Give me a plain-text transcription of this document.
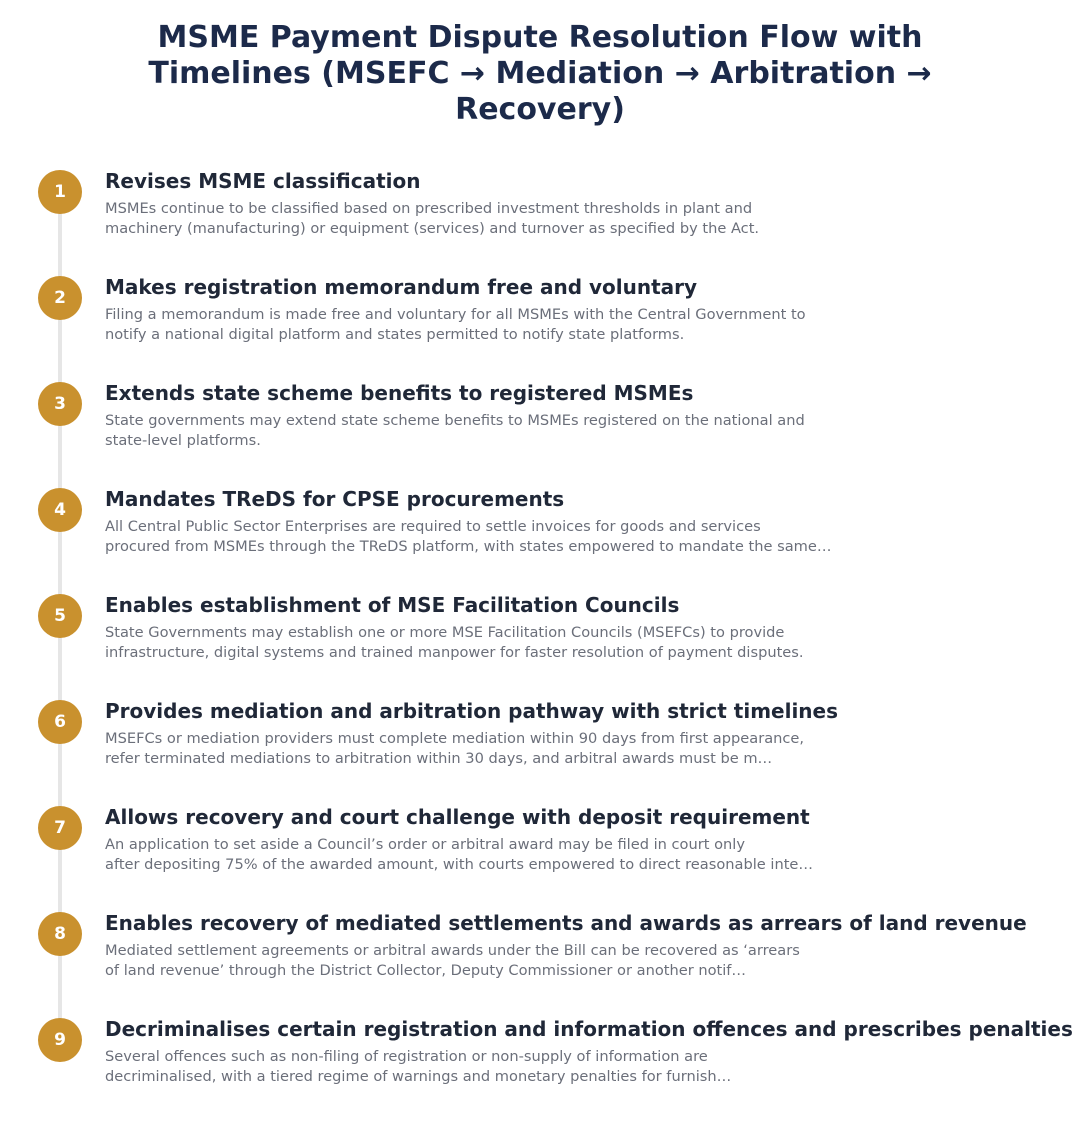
MSME Payment Dispute Resolution Flow with Timelines (MSEFC → Mediation → Arbitration → Recovery)
1	Revises MSME classification
MSMEs continue to be classified based on prescribed investment thresholds in plant and
machinery (manufacturing) or equipment (services) and turnover as specified by the Act.
2	Makes registration memorandum free and voluntary
Filing a memorandum is made free and voluntary for all MSMEs with the Central Government to
notify a national digital platform and states permitted to notify state platforms.
3	Extends state scheme benefits to registered MSMEs
State governments may extend state scheme benefits to MSMEs registered on the national and
state-level platforms.
4	Mandates TReDS for CPSE procurements
All Central Public Sector Enterprises are required to settle invoices for goods and services
procured from MSMEs through the TReDS platform, with states empowered to mandate the same…
5	Enables establishment of MSE Facilitation Councils
State Governments may establish one or more MSE Facilitation Councils (MSEFCs) to provide
infrastructure, digital systems and trained manpower for faster resolution of payment disputes.
6	Provides mediation and arbitration pathway with strict timelines
MSEFCs or mediation providers must complete mediation within 90 days from first appearance,
refer terminated mediations to arbitration within 30 days, and arbitral awards must be m…
7	Allows recovery and court challenge with deposit requirement
An application to set aside a Council’s order or arbitral award may be filed in court only
after depositing 75% of the awarded amount, with courts empowered to direct reasonable inte…
8	Enables recovery of mediated settlements and awards as arrears of land revenue
Mediated settlement agreements or arbitral awards under the Bill can be recovered as ‘arrears
of land revenue’ through the District Collector, Deputy Commissioner or another notif…
9	Decriminalises certain registration and information offences and prescribes penalties
Several offences such as non-filing of registration or non-supply of information are
decriminalised, with a tiered regime of warnings and monetary penalties for furnish…
